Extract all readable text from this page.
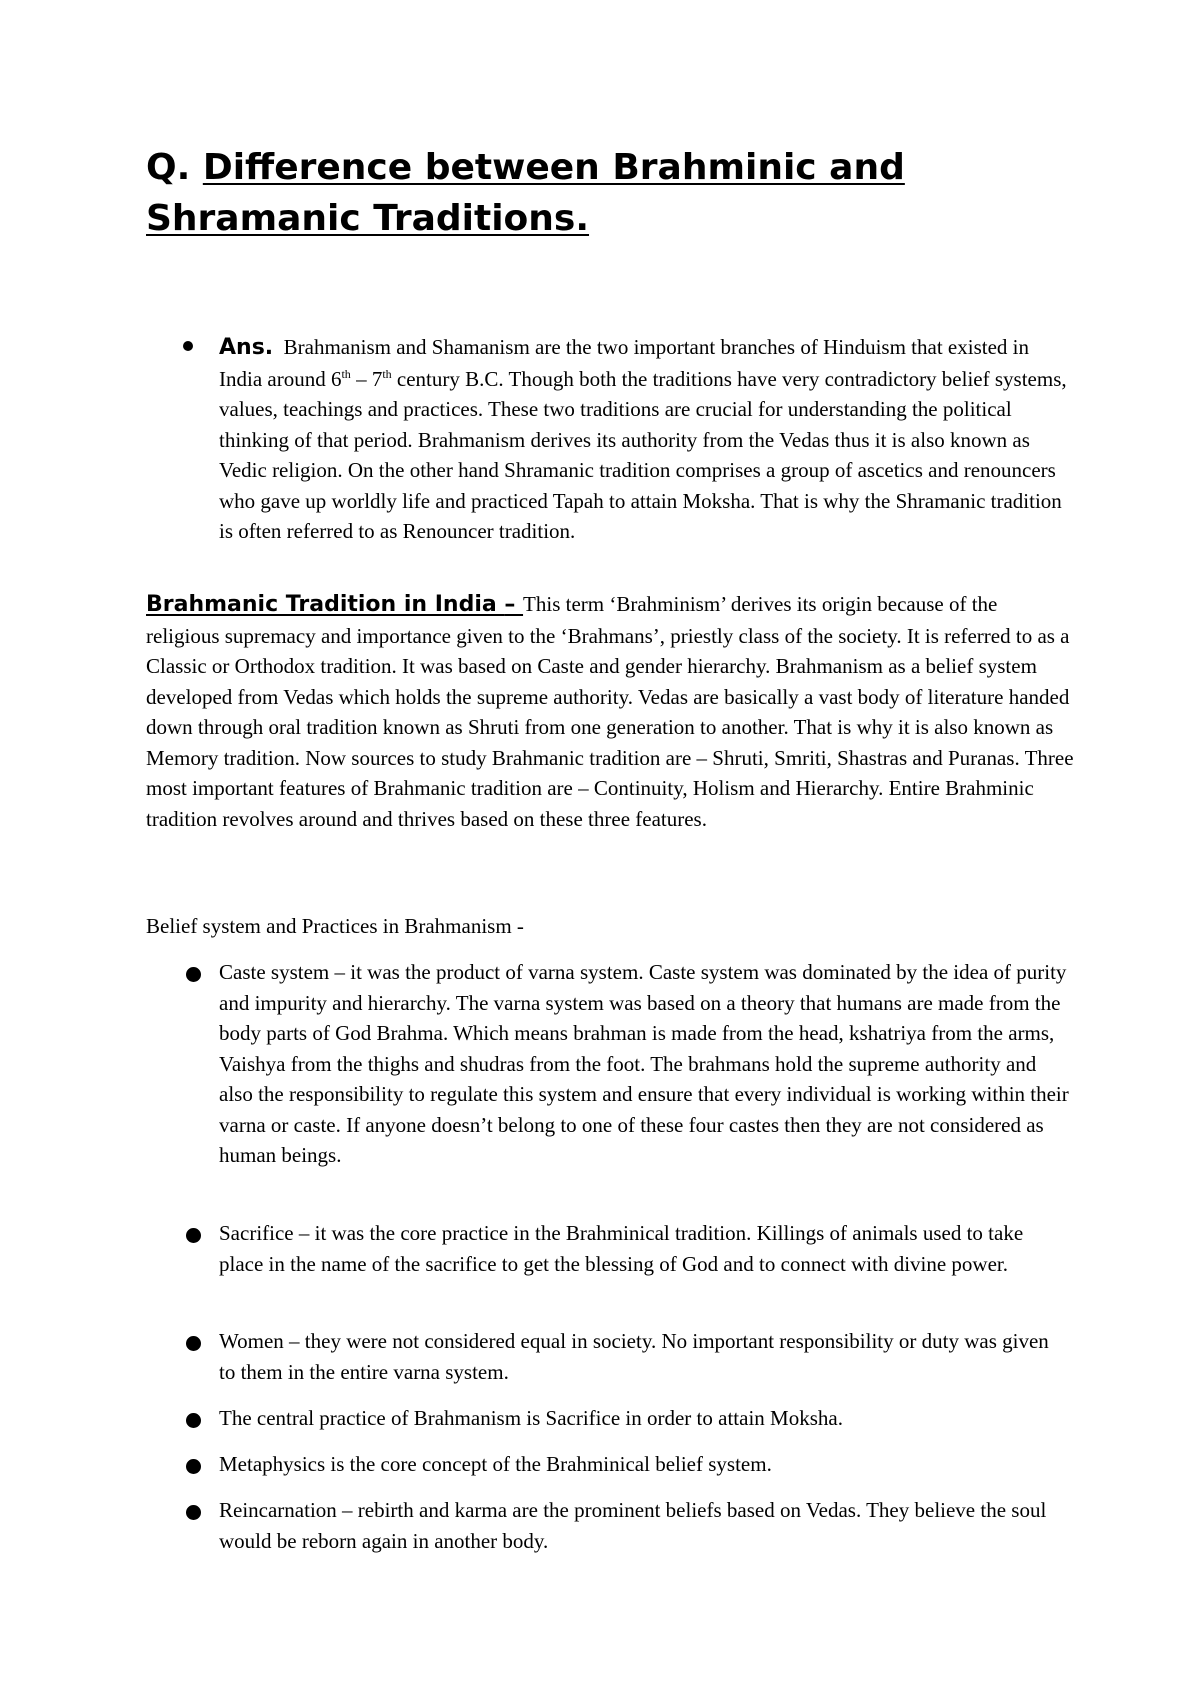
Q. Difference between Brahminic and
Shramanic Traditions.

Ans. Brahmanism and Shamanism are the two important branches of Hinduism that existed in India around 6th – 7th century B.C. Though both the traditions have very contradictory belief systems, values, teachings and practices. These two traditions are crucial for understanding the political thinking of that period. Brahmanism derives its authority from the Vedas thus it is also known as Vedic religion. On the other hand Shramanic tradition comprises a group of ascetics and renouncers who gave up worldly life and practiced Tapah to attain Moksha. That is why the Shramanic tradition is often referred to as Renouncer tradition.

Brahmanic Tradition in India – This term ‘Brahminism’ derives its origin because of the religious supremacy and importance given to the ‘Brahmans’, priestly class of the society. It is referred to as a Classic or Orthodox tradition. It was based on Caste and gender hierarchy. Brahmanism as a belief system developed from Vedas which holds the supreme authority. Vedas are basically a vast body of literature handed down through oral tradition known as Shruti from one generation to another. That is why it is also known as Memory tradition. Now sources to study Brahmanic tradition are – Shruti, Smriti, Shastras and Puranas. Three most important features of Brahmanic tradition are – Continuity, Holism and Hierarchy. Entire Brahminic tradition revolves around and thrives based on these three features.

Belief system and Practices in Brahmanism -

Caste system – it was the product of varna system. Caste system was dominated by the idea of purity and impurity and hierarchy. The varna system was based on a theory that humans are made from the body parts of God Brahma. Which means brahman is made from the head, kshatriya from the arms, Vaishya from the thighs and shudras from the foot. The brahmans hold the supreme authority and also the responsibility to regulate this system and ensure that every individual is working within their varna or caste. If anyone doesn’t belong to one of these four castes then they are not considered as human beings.

Sacrifice – it was the core practice in the Brahminical tradition. Killings of animals used to take place in the name of the sacrifice to get the blessing of God and to connect with divine power.

Women – they were not considered equal in society. No important responsibility or duty was given to them in the entire varna system.

The central practice of Brahmanism is Sacrifice in order to attain Moksha.

Metaphysics is the core concept of the Brahminical belief system.

Reincarnation – rebirth and karma are the prominent beliefs based on Vedas. They believe the soul would be reborn again in another body.
